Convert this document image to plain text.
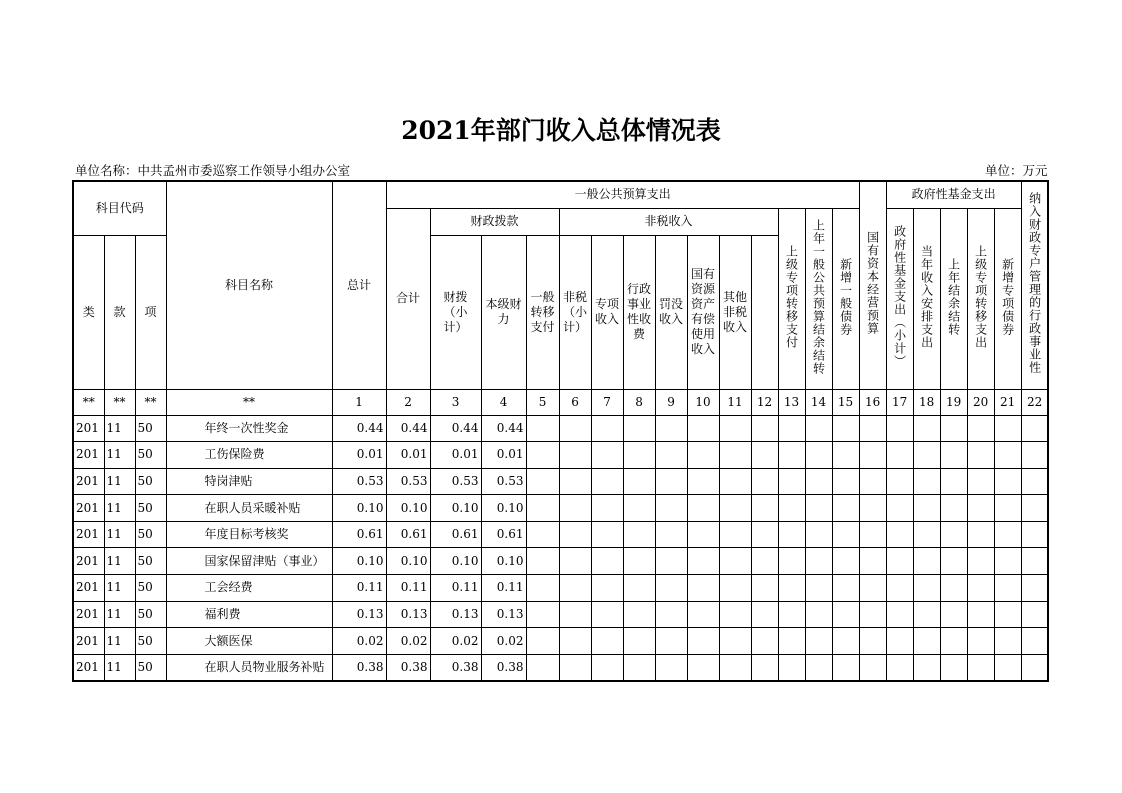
2021年部门收入总体情况表
单位名称：中共孟州市委巡察工作领导小组办公室	单位：万元
科目代码			科目名称	总计	一般公共预算支出														国有资本经营预算	政府性基金支出					纳入财政专户管理的行政事业性	
					合计	财政拨款			非税收入							上级专项转移支付	上年一般公共预算结余结转	新增一般债券		政府性基金支出（小计）	当年收入安排支出	上年结余结转	上级专项转移支出	新增专项债券		
类	款	项				财拨（小计）	本级财力	一般转移支付	非税（小计）	专项收入	行政事业性收费	罚没收入	国有资源资产有偿使用收入	其他非税收入												

**	**	**	**	1	2	3	4	5	6	7	8	9	10	11	12	13	14	15	16	17	18	19	20	21	22	
201	11	50	年终一次性奖金	0.44	0.44	0.44	0.44																			
201	11	50	工伤保险费	0.01	0.01	0.01	0.01																			
201	11	50	特岗津贴	0.53	0.53	0.53	0.53																			
201	11	50	在职人员采暖补贴	0.10	0.10	0.10	0.10																			
201	11	50	年度目标考核奖	0.61	0.61	0.61	0.61																			
201	11	50	国家保留津贴（事业）	0.10	0.10	0.10	0.10																			
201	11	50	工会经费	0.11	0.11	0.11	0.11																			
201	11	50	福利费	0.13	0.13	0.13	0.13																			
201	11	50	大额医保	0.02	0.02	0.02	0.02																			
201	11	50	在职人员物业服务补贴	0.38	0.38	0.38	0.38																			
